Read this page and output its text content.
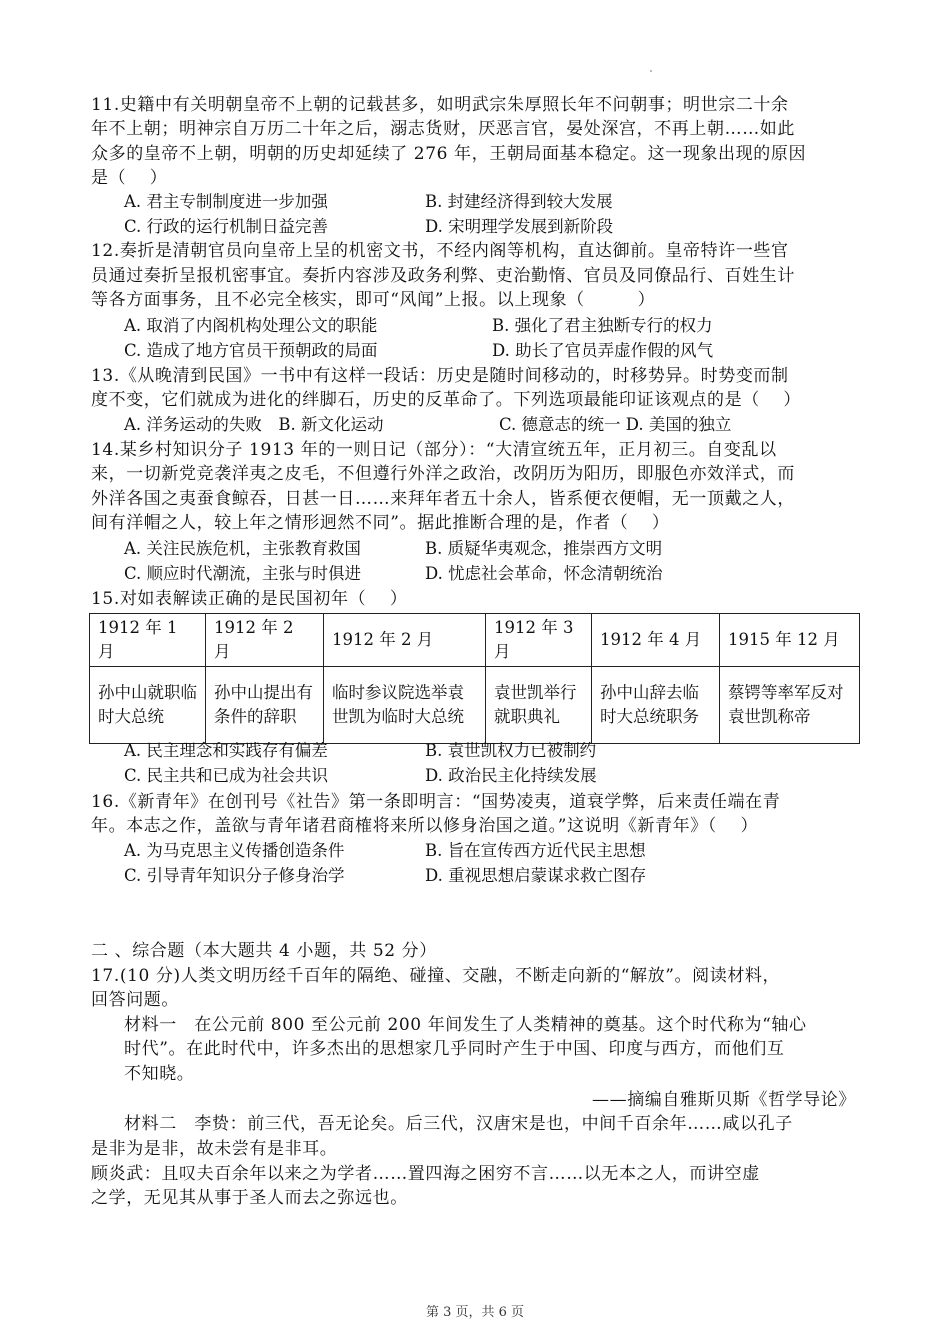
11.史籍中有关明朝皇帝不上朝的记载甚多，如明武宗朱厚照长年不问朝事；明世宗二十余
年不上朝；明神宗自万历二十年之后，溺志货财，厌恶言官，晏处深宫，不再上朝……如此
众多的皇帝不上朝，明朝的历史却延续了 276 年，王朝局面基本稳定。这一现象出现的原因
是（　 ）
A. 君主专制制度进一步加强	B. 封建经济得到较大发展
C. 行政的运行机制日益完善	D. 宋明理学发展到新阶段
12.奏折是清朝官员向皇帝上呈的机密文书，不经内阁等机构，直达御前。皇帝特许一些官
员通过奏折呈报机密事宜。奏折内容涉及政务利弊、吏治勤惰、官员及同僚品行、百姓生计
等各方面事务，且不必完全核实，即可“风闻”上报。以上现象（　　　）
A. 取消了内阁机构处理公文的职能	B. 强化了君主独断专行的权力
C. 造成了地方官员干预朝政的局面	D. 助长了官员弄虚作假的风气
13.《从晚清到民国》一书中有这样一段话：历史是随时间移动的，时移势异。时势变而制
度不变，它们就成为进化的绊脚石，历史的反革命了。下列选项最能印证该观点的是（　 ）
A. 洋务运动的失败　B. 新文化运动　　　　　　　C. 德意志的统一 D. 美国的独立
14.某乡村知识分子 1913 年的一则日记（部分）：“大清宣统五年，正月初三。自变乱以
来，一切新党竞袭洋夷之皮毛，不但遵行外洋之政治，改阴历为阳历，即服色亦效洋式，而
外洋各国之夷蚕食鲸吞，日甚一日……来拜年者五十余人，皆系便衣便帽，无一顶戴之人，
间有洋帽之人，较上年之情形迥然不同”。据此推断合理的是，作者（　 ）
A. 关注民族危机，主张教育救国	B. 质疑华夷观念，推崇西方文明
C. 顺应时代潮流，主张与时俱进	D. 忧虑社会革命，怀念清朝统治
15.对如表解读正确的是民国初年（　 ）
1912 年 1 月	1912 年 2 月	1912 年 2 月	1912 年 3 月	1912 年 4 月	1915 年 12 月
孙中山就职临时大总统	孙中山提出有条件的辞职	临时参议院选举袁世凯为临时大总统	袁世凯举行就职典礼	孙中山辞去临时大总统职务	蔡锷等率军反对袁世凯称帝
A. 民主理念和实践存有偏差	B. 袁世凯权力已被制约
C. 民主共和已成为社会共识	D. 政治民主化持续发展
16.《新青年》在创刊号《社告》第一条即明言：“国势凌夷，道衰学弊，后来责任端在青
年。本志之作，盖欲与青年诸君商榷将来所以修身治国之道。”这说明《新青年》（　 ）
A. 为马克思主义传播创造条件	B. 旨在宣传西方近代民主思想
C. 引导青年知识分子修身治学	D. 重视思想启蒙谋求救亡图存
二 、综合题（本大题共 4 小题，共 52 分）
17.(10 分)人类文明历经千百年的隔绝、碰撞、交融，不断走向新的“解放”。阅读材料，
回答问题。
材料一　在公元前 800 至公元前 200 年间发生了人类精神的奠基。这个时代称为“轴心
时代”。在此时代中，许多杰出的思想家几乎同时产生于中国、印度与西方，而他们互
不知晓。
——摘编自雅斯贝斯《哲学导论》
材料二　李贽：前三代，吾无论矣。后三代，汉唐宋是也，中间千百余年……咸以孔子
是非为是非，故未尝有是非耳。
顾炎武：且叹夫百余年以来之为学者……置四海之困穷不言……以无本之人，而讲空虚
之学，无见其从事于圣人而去之弥远也。
第 3 页，共 6 页
